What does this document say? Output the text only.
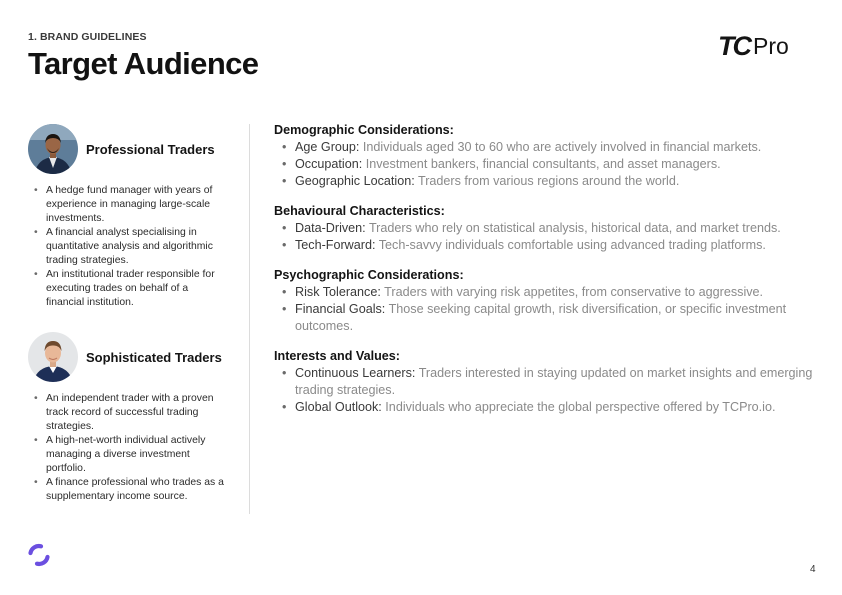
1. BRAND GUIDELINES
Target Audience
TC Pro
Professional Traders
• A hedge fund manager with years of experience in managing large-scale investments.
• A financial analyst specialising in quantitative analysis and algorithmic trading strategies.
• An institutional trader responsible for executing trades on behalf of a financial institution.
Sophisticated Traders
• An independent trader with a proven track record of successful trading strategies.
• A high-net-worth individual actively managing a diverse investment portfolio.
• A finance professional who trades as a supplementary income source.
Demographic Considerations:
• Age Group: Individuals aged 30 to 60 who are actively involved in financial markets.
• Occupation: Investment bankers, financial consultants, and asset managers.
• Geographic Location: Traders from various regions around the world.
Behavioural Characteristics:
• Data-Driven: Traders who rely on statistical analysis, historical data, and market trends.
• Tech-Forward: Tech-savvy individuals comfortable using advanced trading platforms.
Psychographic Considerations:
• Risk Tolerance: Traders with varying risk appetites, from conservative to aggressive.
• Financial Goals: Those seeking capital growth, risk diversification, or specific investment outcomes.
Interests and Values:
• Continuous Learners: Traders interested in staying updated on market insights and emerging trading strategies.
• Global Outlook: Individuals who appreciate the global perspective offered by TCPro.io.
4
